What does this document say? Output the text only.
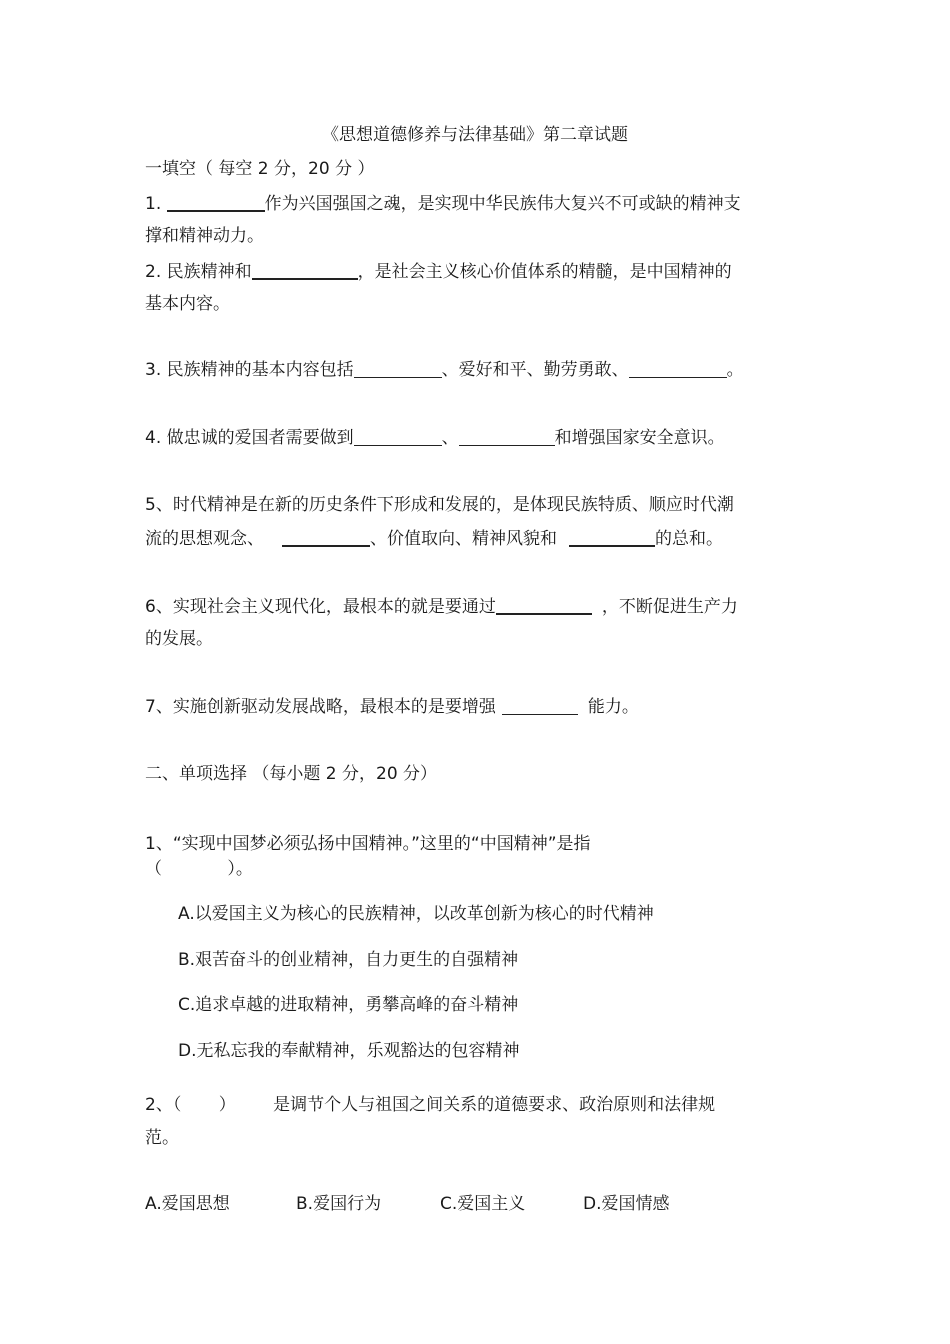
《思想道德修养与法律基础》第二章试题
一填空（ 每空 2 分，20 分 ）
1.	作为兴国强国之魂，是实现中华民族伟大复兴不可或缺的精神支
撑和精神动力。
2. 民族精神和	，是社会主义核心价值体系的精髓，是中国精神的
基本内容。
3. 民族精神的基本内容包括	、爱好和平、勤劳勇敢、	。
4. 做忠诚的爱国者需要做到	、	和增强国家安全意识。
5、时代精神是在新的历史条件下形成和发展的，是体现民族特质、顺应时代潮
流的思想观念、	、价值取向、精神风貌和	的总和。
6、实现社会主义现代化，最根本的就是要通过	，不断促进生产力
的发展。
7、实施创新驱动发展战略，最根本的是要增强	能力。
二、单项选择 （每小题 2 分，20 分）
1、“实现中国梦必须弘扬中国精神。”这里的“中国精神”是指
（ ）。
A.以爱国主义为核心的民族精神，以改革创新为核心的时代精神
B.艰苦奋斗的创业精神，自力更生的自强精神
C.追求卓越的进取精神，勇攀高峰的奋斗精神
D.无私忘我的奉献精神，乐观豁达的包容精神
2、（ ） 是调节个人与祖国之间关系的道德要求、政治原则和法律规
范。
A.爱国思想	B.爱国行为	C.爱国主义	D.爱国情感
